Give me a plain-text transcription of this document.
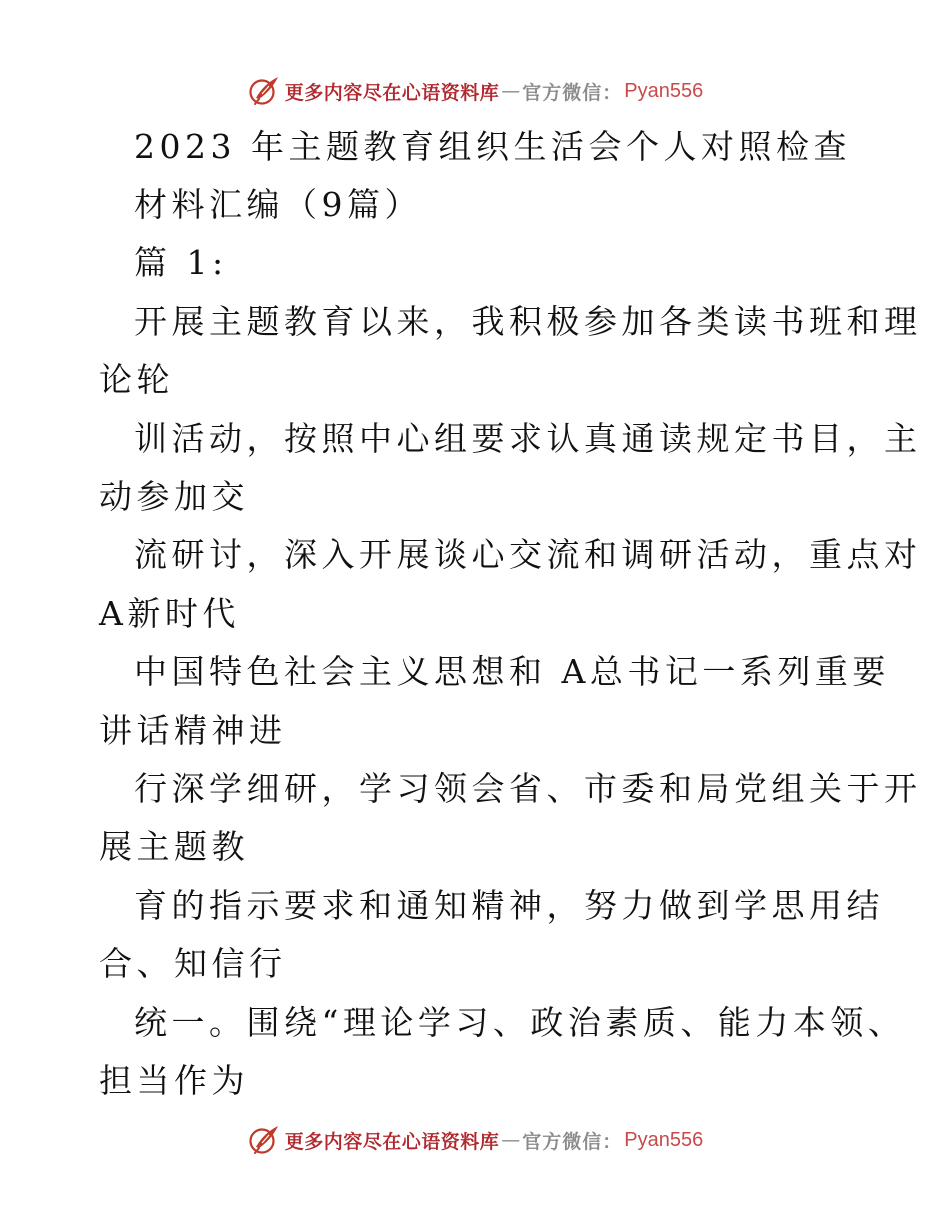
更多内容尽在心语资料库 — 官方微信： Pyan556
2023 年主题教育组织生活会个人对照检查
材料汇编（9篇）
篇 1:
开展主题教育以来，我积极参加各类读书班和理
论轮
训活动，按照中心组要求认真通读规定书目，主
动参加交
流研讨，深入开展谈心交流和调研活动，重点对
A新时代
中国特色社会主义思想和 A总书记一系列重要
讲话精神进
行深学细研，学习领会省、市委和局党组关于开
展主题教
育的指示要求和通知精神，努力做到学思用结
合、知信行
统一。围绕“理论学习、政治素质、能力本领、
担当作为
更多内容尽在心语资料库 — 官方微信： Pyan556
